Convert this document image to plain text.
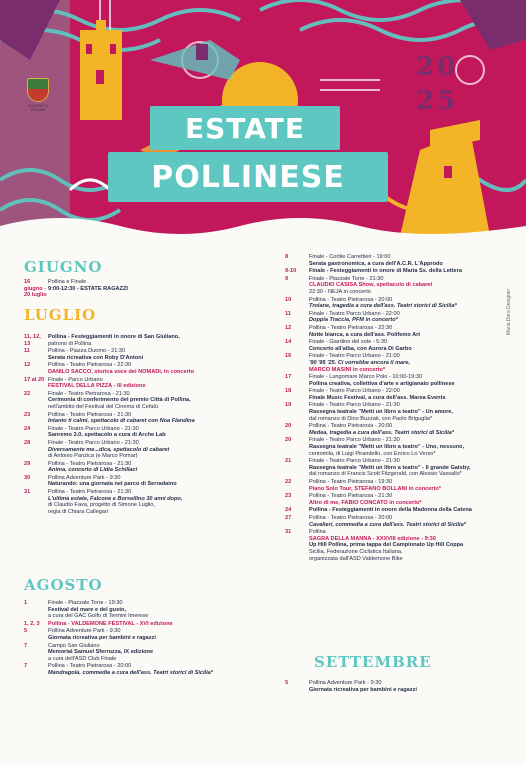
COMUNE DI POLLINA
20
25
ESTATE
POLLINESE
Maria Dora Designer
GIUGNO
16 giugno - 20 luglio
Pollina e Finale
9:00-12:30 - ESTATE RAGAZZI
LUGLIO
11, 12, 13
Pollina - Festeggiamenti in onore di San Giuliano,
patrono di Pollina
11	Pollina - Piazza Duomo - 21:30
Serata ricreativa con Roby D'Antoni
12	Pollina - Teatro Pietrarosa - 22:30
DANILO SACCO, storica voce dei NOMADI, in concerto
17 al 20 Finale - Parco Urbano
FESTIVAL DELLA PIZZA - III edizione
22	Finale - Teatro Pietrarosa - 21:30
Cerimonia di conferimento del premio Città di Pollina,
nell'ambito del Festival del Cinema di Cefalù
23	Pollina - Teatro Pietrarosa - 21:30
Intanto ti calmi, spettacolo di cabaret con Noa Flandina
24	Finale - Teatro Parco Urbano - 21:30
Sanremo 3.0, spettacolo a cura di Arche Lab
28	Finale - Teatro Parco Urbano - 21:30
Diversamente me...dica, spettacolo di cabaret
di Antonio Panzica (e Marco Pomar)
29	Pollina - Teatro Pietrarosa - 21:30
Anima, concerto di Lidia Schillaci
30	Pollina Adventure Park - 9:30
Naturando: una giornata nel parco di Serradaino
31	Pollina - Teatro Pietrarosa - 21:30
L'ultima estate, Falcone e Borsellino 30 anni dopo,
di Claudio Fava, progetto di Simone Luglio,
regia di Chiara Callegari
AGOSTO
1	Finale - Piazzale Torre - 19:30
Festival del mare e del gusto,
a cura del GAC Golfo di Termini Imerese
1, 2, 3	Pollina - VALDEMONE FESTIVAL - XVI edizione
5	Pollina Adventure Park - 9:30
Giornata ricreativa per bambini e ragazzi
7	Campo San Giuliano
Memorial Samuel Sferruzza, IX edizione
a cura dell'ASD Club Finale
7	Pollina - Teatro Pietrarosa - 20:00
Mandragola, commedia a cura dell'ass. Teatri storici di Sicilia*
8	Finale - Cortile Carrettieri - 19:00
Serata gastronomica, a cura dell'A.C.R. L'Approdo
9-10	Finale - Festeggiamenti in onore di Maria Ss. della Lettera
9	Finale - Piazzale Torre - 21:30
CLAUDIO CASISA Show, spettacolo di cabaret
22:30 - NEJA in concerto
10	Pollina - Teatro Pietrarosa - 20:00
Troiane, tragedia a cura dell'ass. Teatri storici di Sicilia*
11	Finale - Teatro Parco Urbano - 22:00
Doppia Traccia, PFM in concerto*
12	Pollina - Teatro Pietrarosa - 22:30
Notte bianca, a cura dell'ass. Polifemo Art
14	Finale - Giardino del sole - 5:30
Concerto all'alba, con Aurora Di Garbo
16	Finale - Teatro Parco Urbano - 21:00
'90 '95 '25. Ci vorrebbe ancora il mare,
MARCO MASINI in concerto*
17	Finale - Lungomare Marco Polo - 10:00-19:30
Pollina creativa, collettiva d'arte e artigianato pollinese
18	Finale - Teatro Parco Urbano - 22:00
Finale Music Festival, a cura dell'ass. Marea Events
19	Finale - Teatro Parco Urbano - 21:30
Rassegna teatrale "Metti un libro a teatro" - Un amore,
dal romanzo di Dino Buzzati, con Paolo Briguglia*
20	Pollina - Teatro Pietrarosa - 20:00
Medea, tragedia a cura dell'ass. Teatri storici di Sicilia*
20	Finale - Teatro Parco Urbano - 21:30
Rassegna teatrale "Metti un libro a teatro" - Uno, nessuno,
centomila, di Luigi Pirandello, con Enrico Lo Verso*
21	Finale - Teatro Parco Urbano - 21:30
Rassegna teatrale "Metti un libro a teatro" - Il grande Gatsby,
dal romanzo di Francis Scott Fitzgerald, con Alessio Vassallo*
22	Pollina - Teatro Pietrarosa - 19:30
Piano Solo Tour, STEFANO BOLLANI in concerto*
23	Pollina - Teatro Pietrarosa - 21:30
Altro di me, FABIO CONCATO in concerto*
24	Pollina - Festeggiamenti in onore della Madonna della Catena
27	Pollina - Teatro Pietrarosa - 20:00
Cavalieri, commedia a cura dell'ass. Teatri storici di Sicilia*
31	Pollina
SAGRA DELLA MANNA - XXXVIII edizione - 9:30
Up Hill Pollina, prima tappa del Campionato Up Hill Coppa
Sicilia, Federazione Ciclistica Italiana,
organizzata dall'ASD Valdemone Bike
SETTEMBRE
5	Pollina Adventure Park - 9:30
Giornata ricreativa per bambini e ragazzi
